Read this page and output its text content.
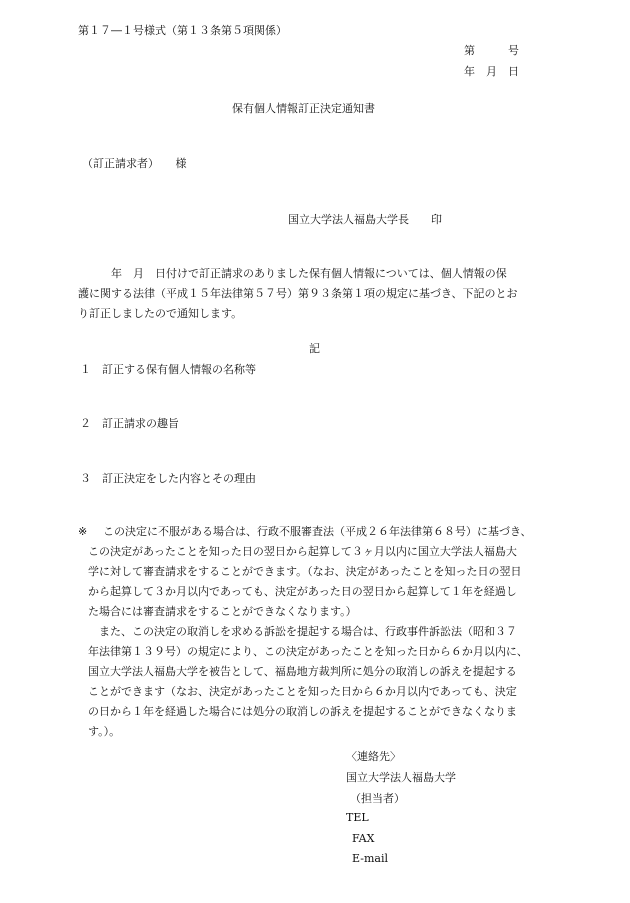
第１７―１号様式（第１３条第５項関係）
第　　　号
年　月　日
保有個人情報訂正決定通知書
（訂正請求者）　　様
国立大学法人福島大学長　　印
　　　年　月　日付けで訂正請求のありました保有個人情報については、個人情報の保
護に関する法律（平成１５年法律第５７号）第９３条第１項の規定に基づき、下記のとお
り訂正しましたので通知します。
記
１　訂正する保有個人情報の名称等
２　訂正請求の趣旨
３　訂正決定をした内容とその理由
※ この決定に不服がある場合は、行政不服審査法（平成２６年法律第６８号）に基づき、
この決定があったことを知った日の翌日から起算して３ヶ月以内に国立大学法人福島大
学に対して審査請求をすることができます。（なお、決定があったことを知った日の翌日
から起算して３か月以内であっても、決定があった日の翌日から起算して１年を経過し
た場合には審査請求をすることができなくなります。）
　また、この決定の取消しを求める訴訟を提起する場合は、行政事件訴訟法（昭和３７
年法律第１３９号）の規定により、この決定があったことを知った日から６か月以内に、
国立大学法人福島大学を被告として、福島地方裁判所に処分の取消しの訴えを提起する
ことができます（なお、決定があったことを知った日から６か月以内であっても、決定
の日から１年を経過した場合には処分の取消しの訴えを提起することができなくなりま
す。）。
〈連絡先〉
国立大学法人福島大学
（担当者）
TEL
FAX
E-mail
